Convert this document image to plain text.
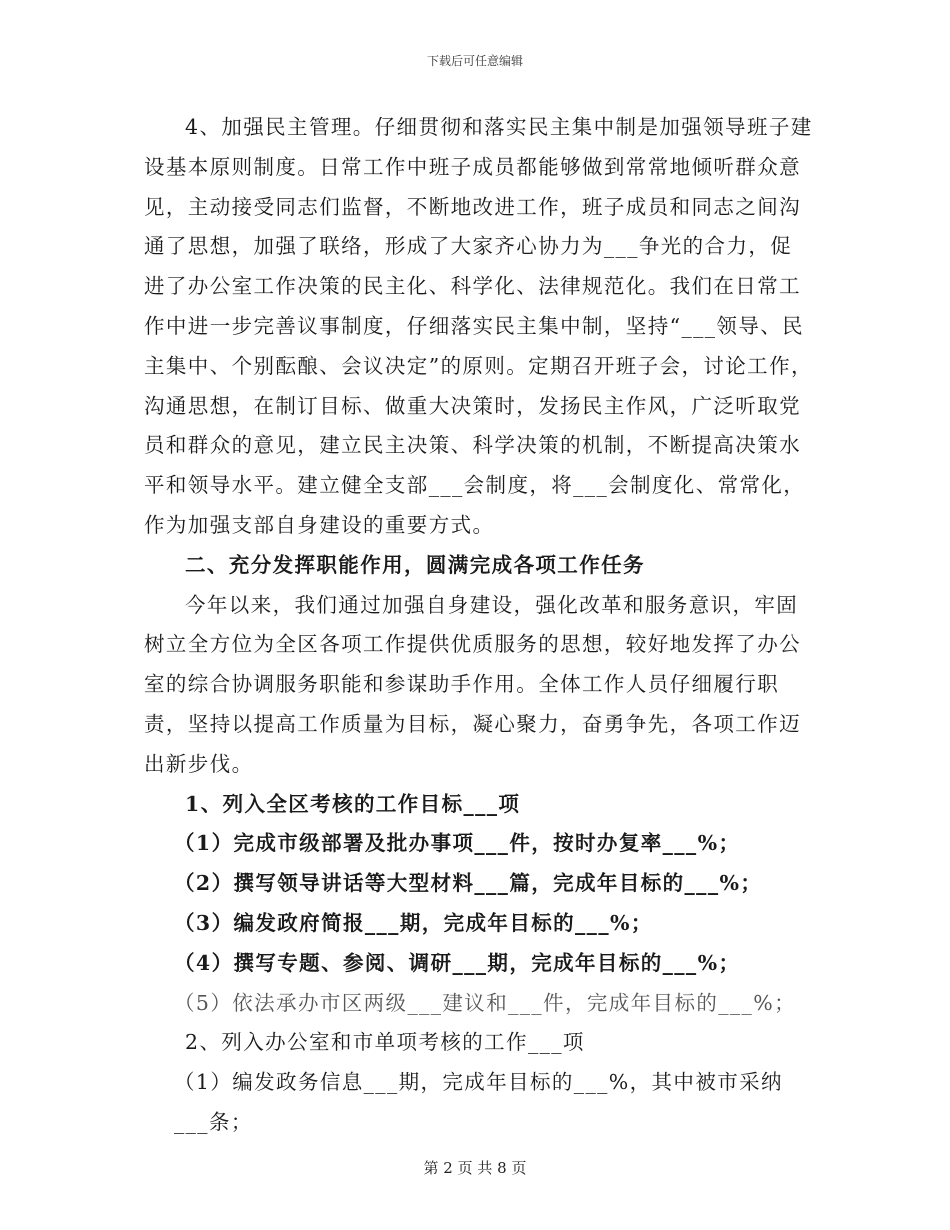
下载后可任意编辑

4、加强民主管理。仔细贯彻和落实民主集中制是加强领导班子建设基本原则制度。日常工作中班子成员都能够做到常常地倾听群众意见，主动接受同志们监督，不断地改进工作，班子成员和同志之间沟通了思想，加强了联络，形成了大家齐心协力为___争光的合力，促进了办公室工作决策的民主化、科学化、法律规范化。我们在日常工作中进一步完善议事制度，仔细落实民主集中制，坚持“___领导、民主集中、个别酝酿、会议决定”的原则。定期召开班子会，讨论工作，沟通思想，在制订目标、做重大决策时，发扬民主作风，广泛听取党员和群众的意见，建立民主决策、科学决策的机制，不断提高决策水平和领导水平。建立健全支部___会制度，将___会制度化、常常化，作为加强支部自身建设的重要方式。

二、充分发挥职能作用，圆满完成各项工作任务

今年以来，我们通过加强自身建设，强化改革和服务意识，牢固树立全方位为全区各项工作提供优质服务的思想，较好地发挥了办公室的综合协调服务职能和参谋助手作用。全体工作人员仔细履行职责，坚持以提高工作质量为目标，凝心聚力，奋勇争先，各项工作迈出新步伐。

1、列入全区考核的工作目标___项

（1）完成市级部署及批办事项___件，按时办复率___%；

（2）撰写领导讲话等大型材料___篇，完成年目标的___%；

（3）编发政府简报___期，完成年目标的___%；

（4）撰写专题、参阅、调研___期，完成年目标的___%；

（5）依法承办市区两级___建议和___件，完成年目标的___%；

2、列入办公室和市单项考核的工作___项

（1）编发政务信息___期，完成年目标的___%，其中被市采纳___条；

第 2 页 共 8 页
